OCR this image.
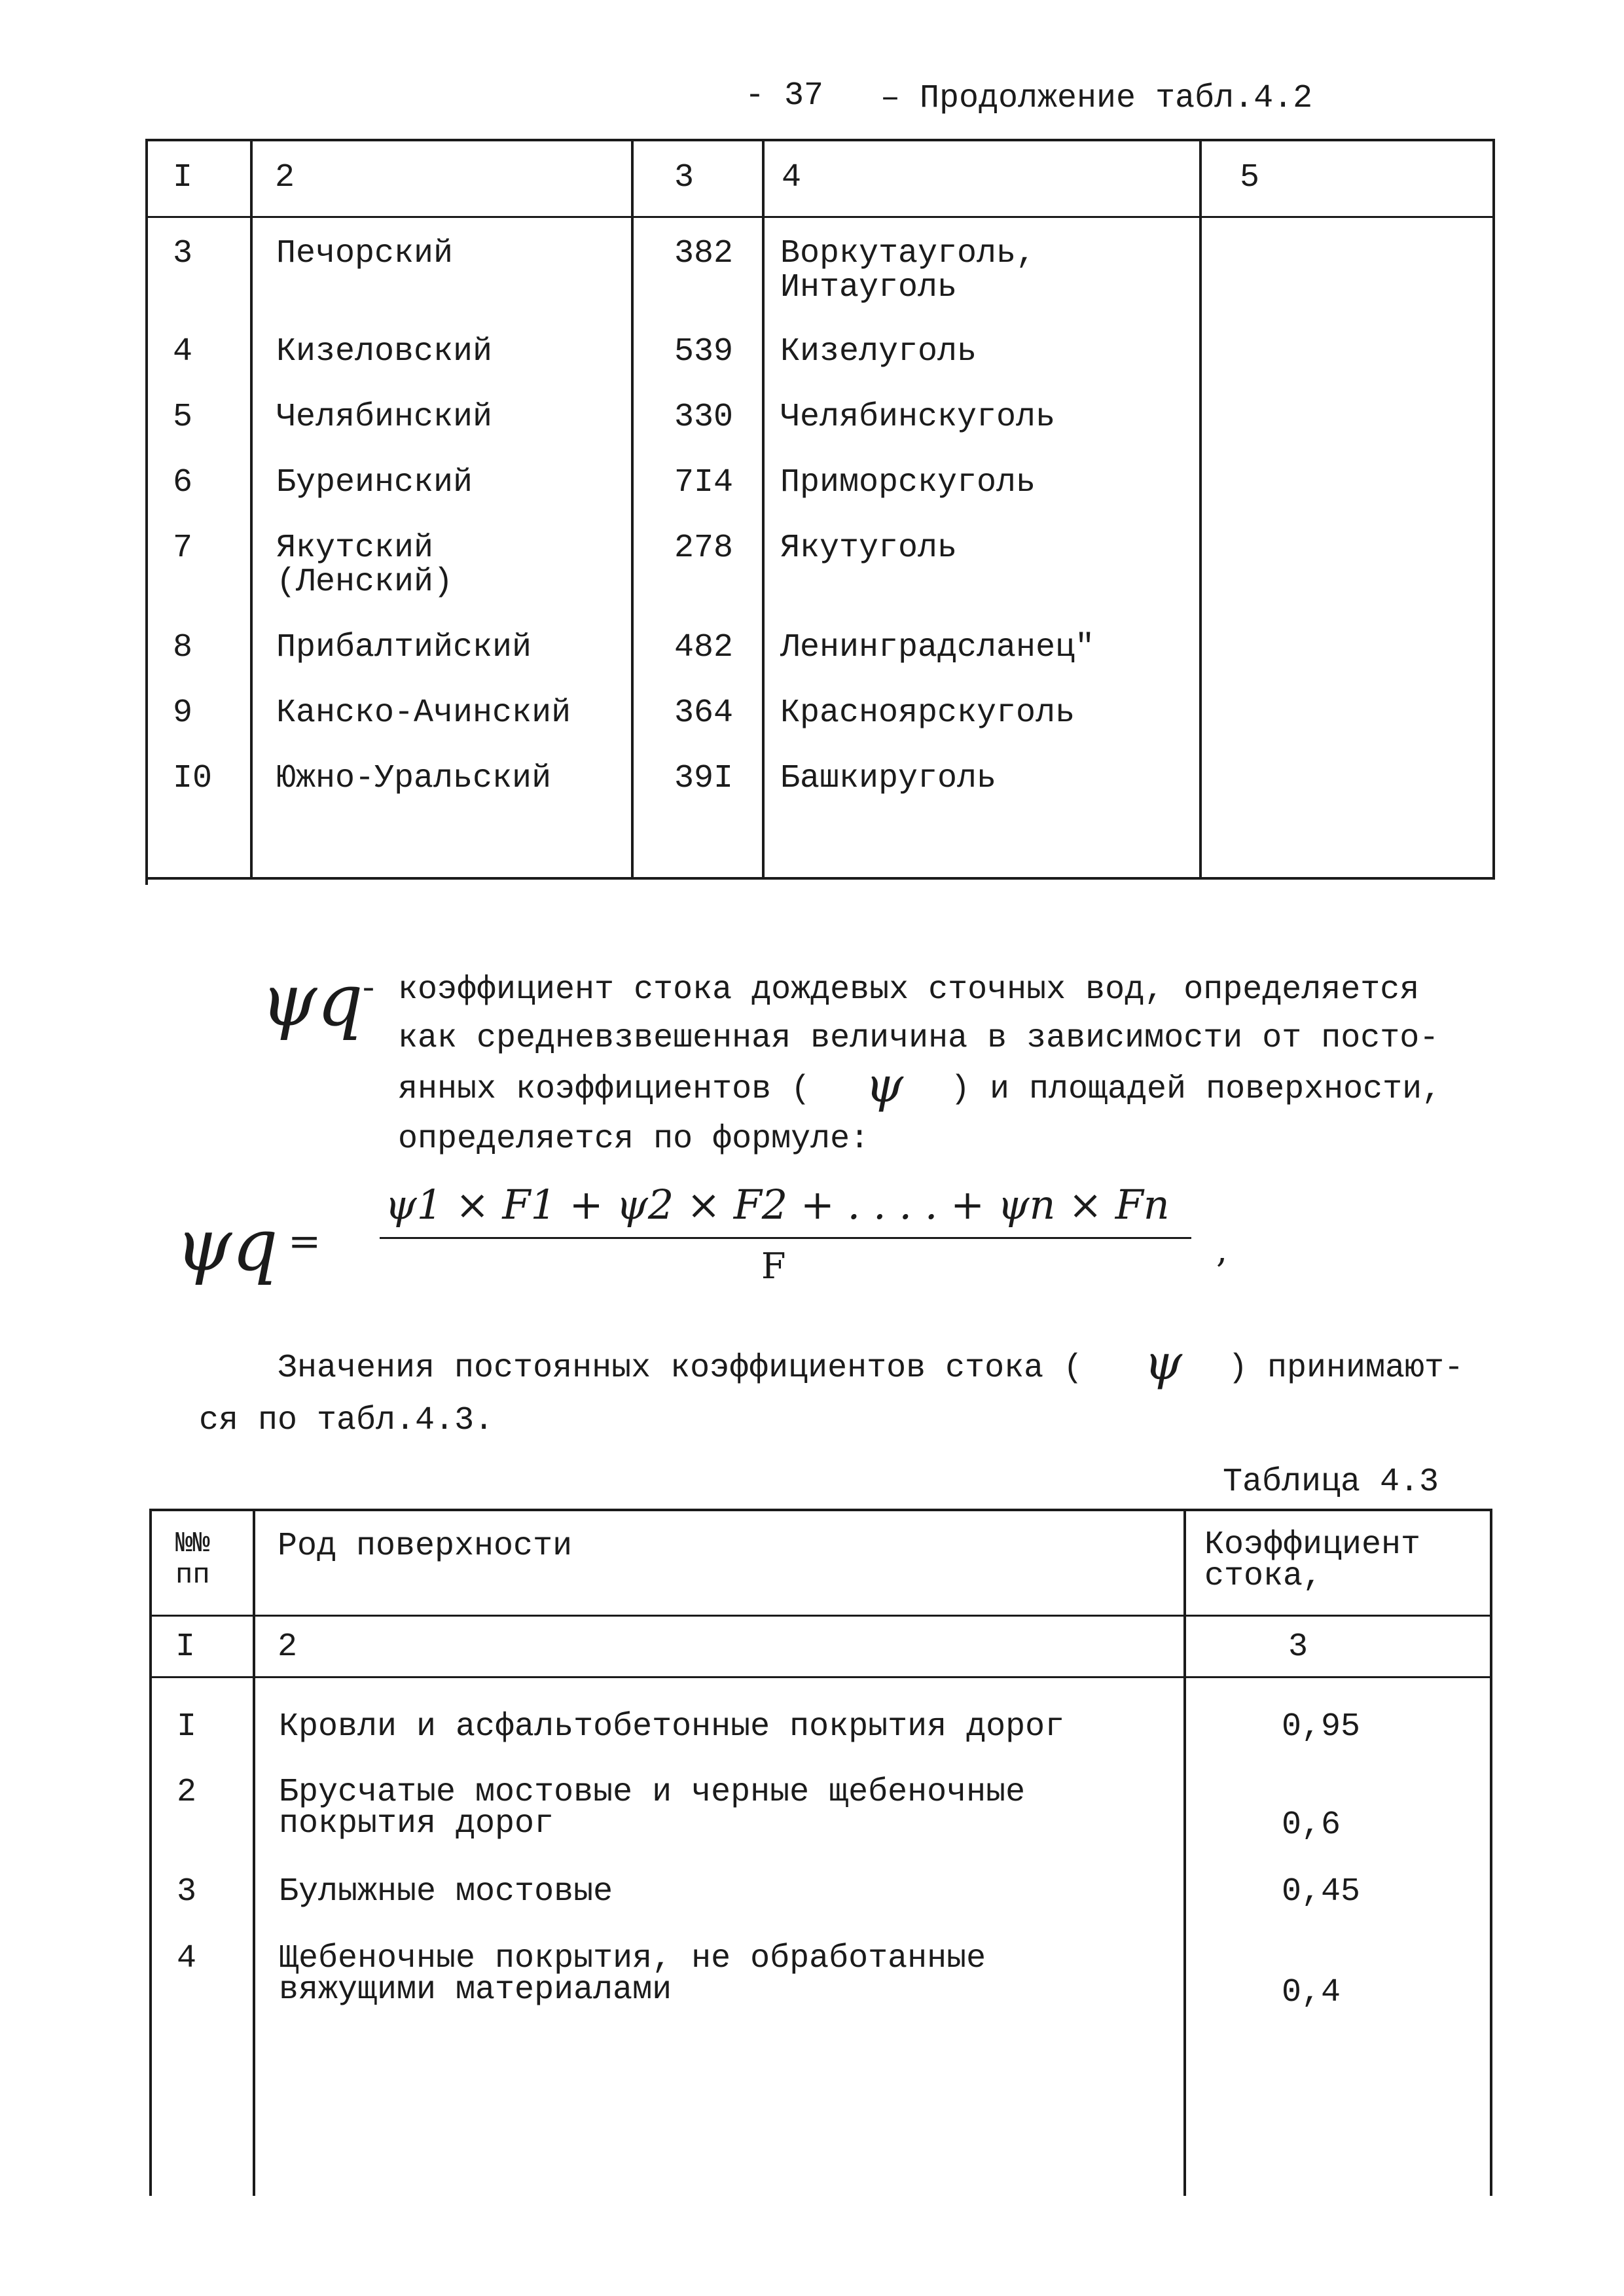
- 37 – Продолжение табл.4.2
I	2	3	4	5
3	Печорский	382 Воркутауголь,
Интауголь
4	Кизеловский	539 Кизелуголь
5	Челябинский	330 Челябинскуголь
6	Буреинский	7I4 Приморскуголь
7	Якутский
(Ленский)
278 Якутуголь
8	Прибалтийский	482 Ленинградсланец"
9	Канско-Ачинский	364 Красноярскуголь
I0 Южно-Уральский	39I Башкируголь
ψq
- коэффициент стока дождевых сточных вод, определяется
как средневзвешенная величина в зависимости от посто-
янных коэффициентов ( ψ ) и площадей поверхности,
определяется по формуле:
ψq =
ψ1 × F1 + ψ2 × F2 + . . . . + ψn × Fn
F	,
Значения постоянных коэффициентов стока ( ψ ) принимают-
ся по табл.4.3.
Таблица 4.3
№№
пп
Род поверхности	Коэффициент
стока,
I	2	3
I	Кровли и асфальтобетонные покрытия дорог	0,95
2	Брусчатые мостовые и черные щебеночные
покрытия дорог	0,6
3	Булыжные мостовые	0,45
4	Щебеночные покрытия, не обработанные
вяжущими материалами	0,4
